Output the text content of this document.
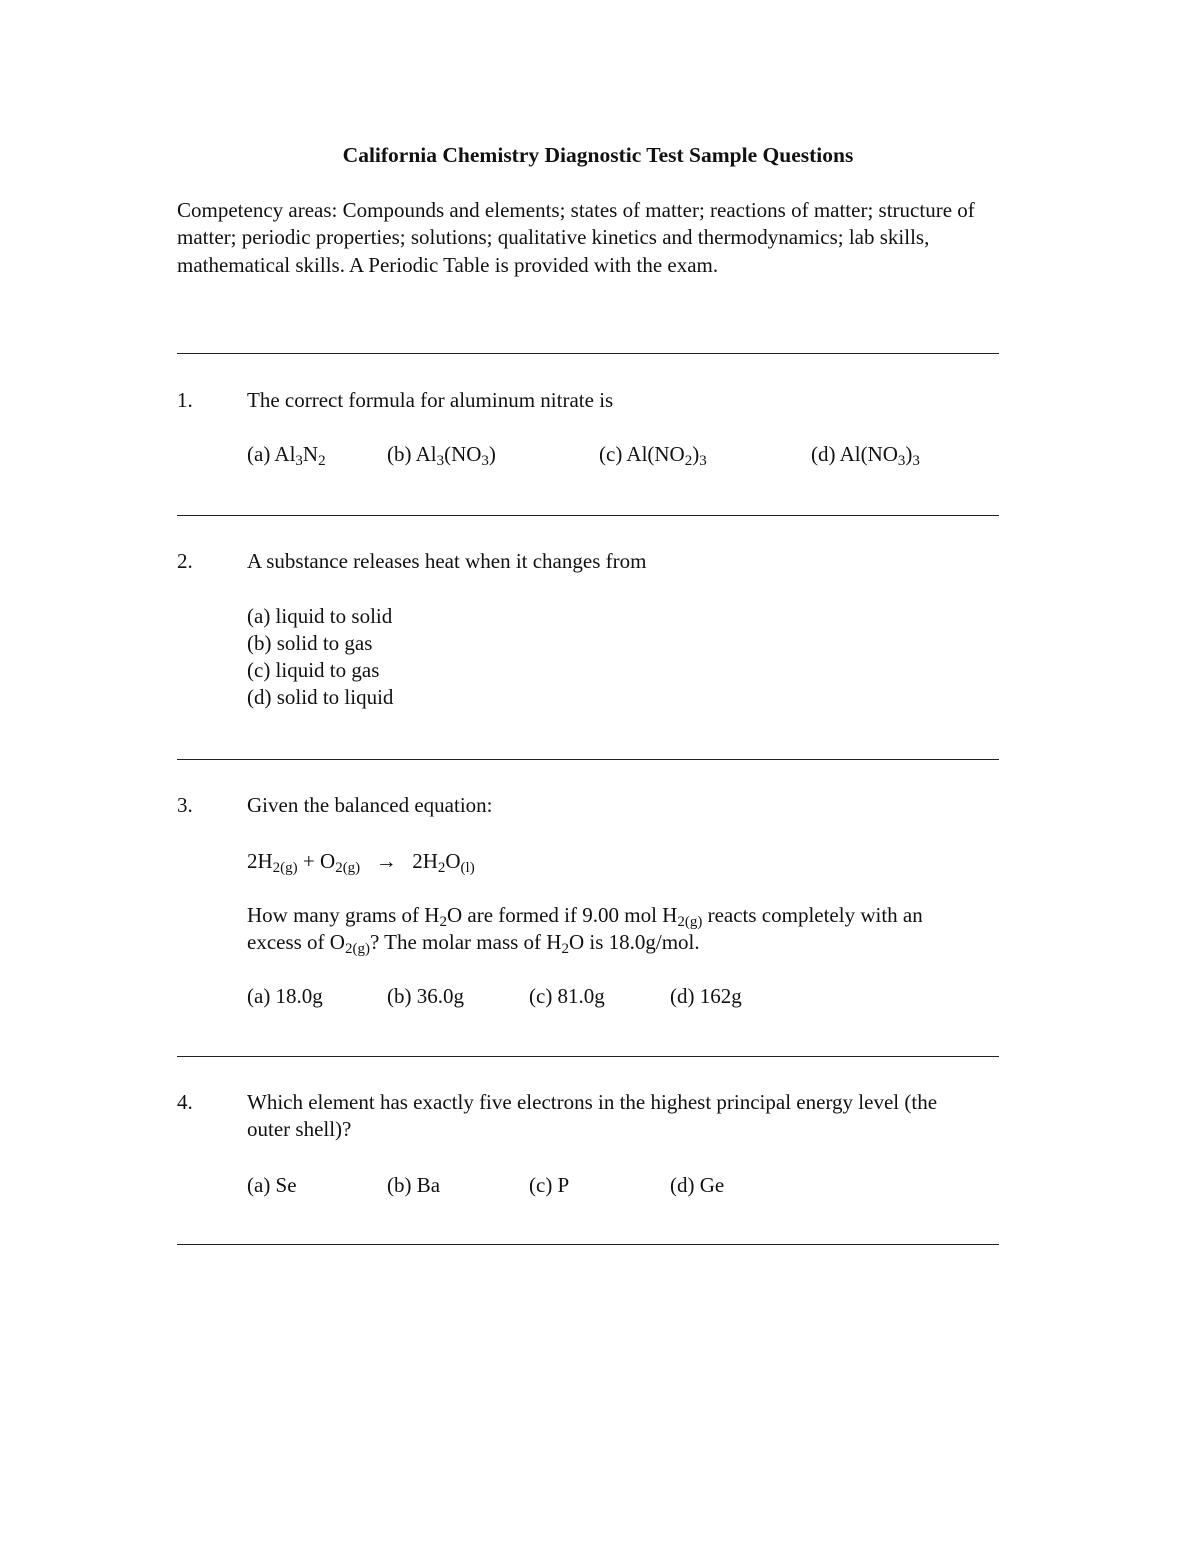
California Chemistry Diagnostic Test Sample Questions
Competency areas: Compounds and elements; states of matter; reactions of matter; structure of matter; periodic properties; solutions; qualitative kinetics and thermodynamics; lab skills, mathematical skills. A Periodic Table is provided with the exam.
1.	The correct formula for aluminum nitrate is
(a) $Al_3N_2$	(b) $Al_3(NO_3)$	(c) $Al(NO_2)_3$	(d) $Al(NO_3)_3$
2.	A substance releases heat when it changes from
(a) liquid to solid
(b) solid to gas
(c) liquid to gas
(d) solid to liquid
3.	Given the balanced equation:
$2H_{2(g)} + O_{2(g)} \to 2H_2O_{(l)}$
How many grams of $H_2O$ are formed if 9.00 mol $H_{2(g)}$ reacts completely with an
excess of $O_{2(g)}$? The molar mass of $H_2O$ is 18.0g/mol.
(a) 18.0g	(b) 36.0g	(c) 81.0g	(d) 162g
4.	Which element has exactly five electrons in the highest principal energy level (the
outer shell)?
(a) Se	(b) Ba	(c) P	(d) Ge
